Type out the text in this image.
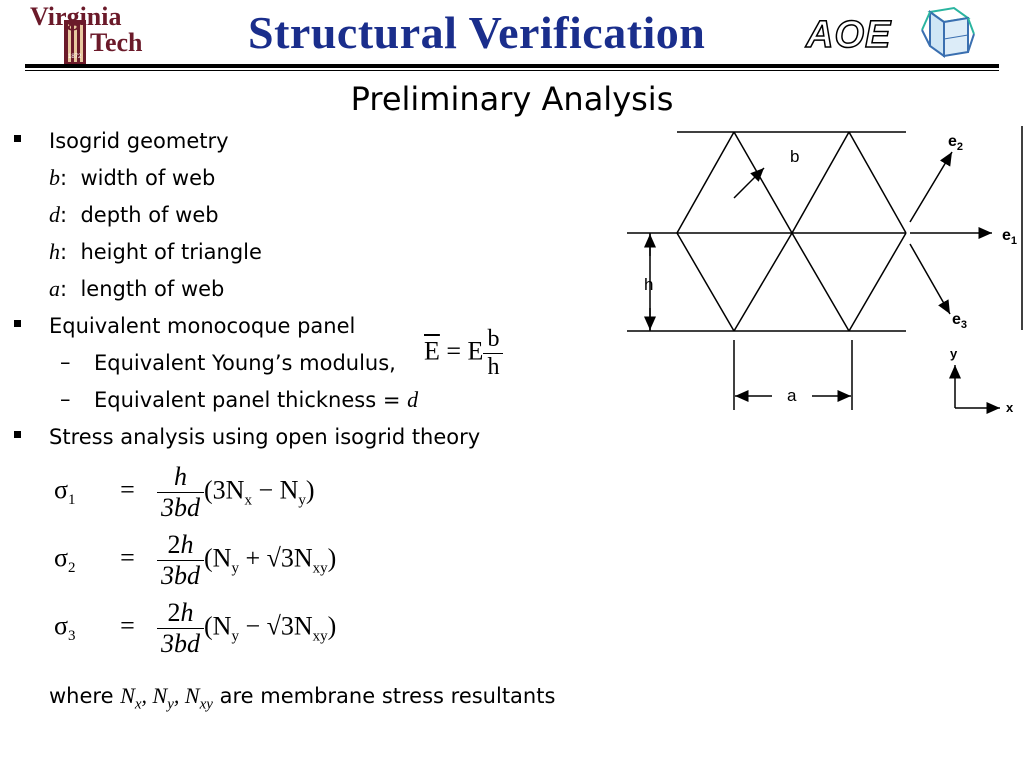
1872
Virginia
Tech Structural Verification	AOE
Preliminary Analysis
Isogrid geometry
b:  width of web
d:  depth of web
h:  height of triangle
a:  length of web
Equivalent monocoque panel
– Equivalent Young’s modulus, $\overline{E} = E \frac{b}{h}$
– Equivalent panel thickness = d
Stress analysis using open isogrid theory
$\sigma_1 = \frac{h}{3bd} (3N_x - N_y)$
$\sigma_2 = \frac{2h}{3bd} (N_y + √3N_{xy})$
$\sigma_3 = \frac{2h}{3bd} (N_y - √3N_{xy})$
where $N_x$, $N_y$, $N_{xy}$ are membrane stress resultants
b
h
a
$e_2$
$e_1$
$e_3$
y
x
